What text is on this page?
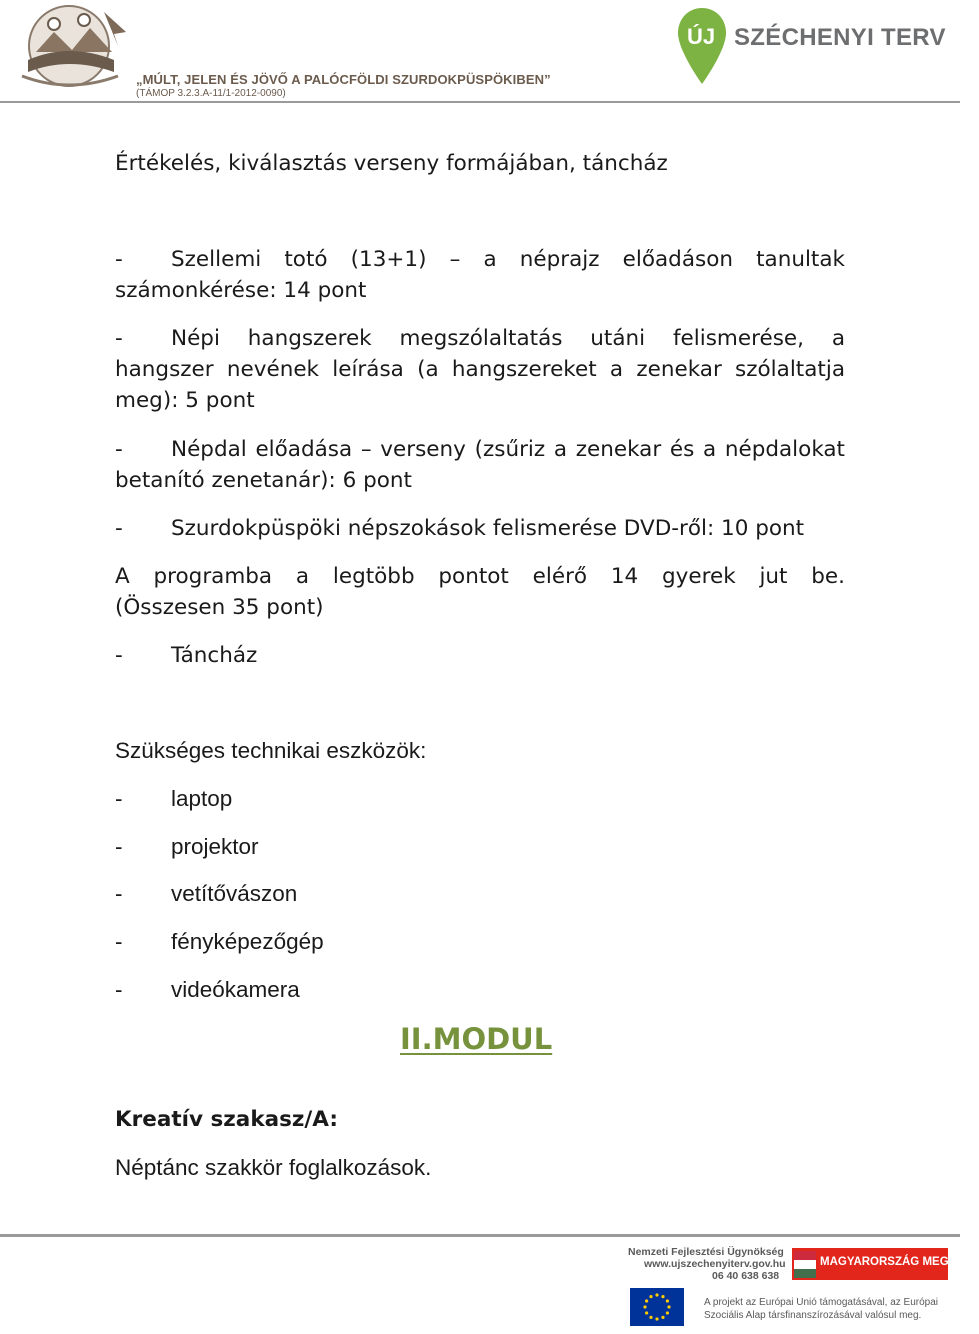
„MÚLT, JELEN ÉS JÖVŐ A PALÓCFÖLDI SZURDOKPÜSPÖKIBEN”
(TÁMOP 3.2.3.A-11/1-2012-0090)
ÚJ SZÉCHENYI TERV
Értékelés, kiválasztás verseny formájában, táncház
- Szellemi totó (13+1) – a néprajz előadáson tanultak számonkérése: 14 pont
- Népi hangszerek megszólaltatás utáni felismerése, a hangszer nevének leírása (a hangszereket a zenekar szólaltatja meg): 5 pont
- Népdal előadása – verseny (zsűriz a zenekar és a népdalokat betanító zenetanár): 6 pont
- Szurdokpüspöki népszokások felismerése DVD-ről: 10 pont
A programba a legtöbb pontot elérő 14 gyerek jut be.
(Összesen 35 pont)
- Táncház
Szükséges technikai eszközök:
- laptop
- projektor
- vetítővászon
- fényképezőgép
- videókamera
II.MODUL
Kreatív szakasz/A:
Néptánc szakkör foglalkozások.
Nemzeti Fejlesztési Ügynökség
www.ujszechenyiterv.gov.hu
06 40 638 638
MAGYARORSZÁG MEGÚJUL
A projekt az Európai Unió támogatásával, az Európai
Szociális Alap társfinanszírozásával valósul meg.
